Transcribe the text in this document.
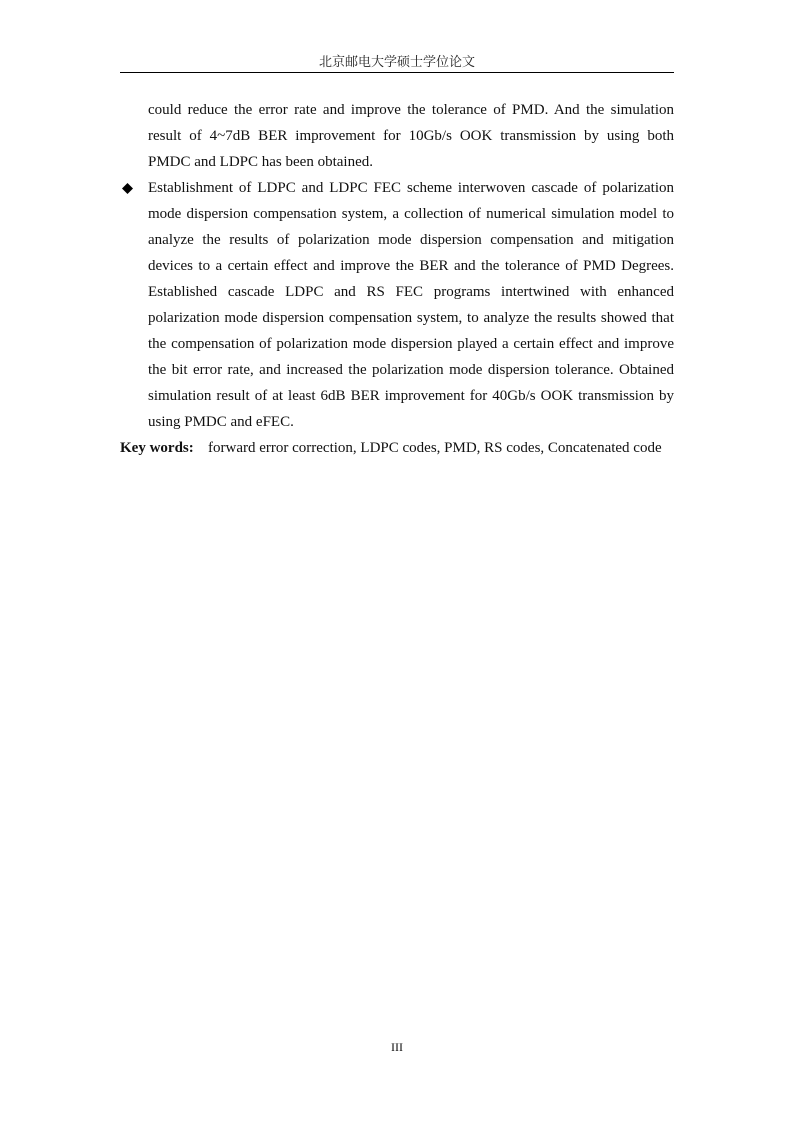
北京邮电大学硕士学位论文

could reduce the error rate and improve the tolerance of PMD. And the simulation result of 4~7dB BER improvement for 10Gb/s OOK transmission by using both PMDC and LDPC has been obtained.

Establishment of LDPC and LDPC FEC scheme interwoven cascade of polarization mode dispersion compensation system, a collection of numerical simulation model to analyze the results of polarization mode dispersion compensation and mitigation devices to a certain effect and improve the BER and the tolerance of PMD Degrees. Established cascade LDPC and RS FEC programs intertwined with enhanced polarization mode dispersion compensation system, to analyze the results showed that the compensation of polarization mode dispersion played a certain effect and improve the bit error rate, and increased the polarization mode dispersion tolerance. Obtained simulation result of at least 6dB BER improvement for 40Gb/s OOK transmission by using PMDC and eFEC.

Key words: forward error correction, LDPC codes, PMD, RS codes, Concatenated code

III
